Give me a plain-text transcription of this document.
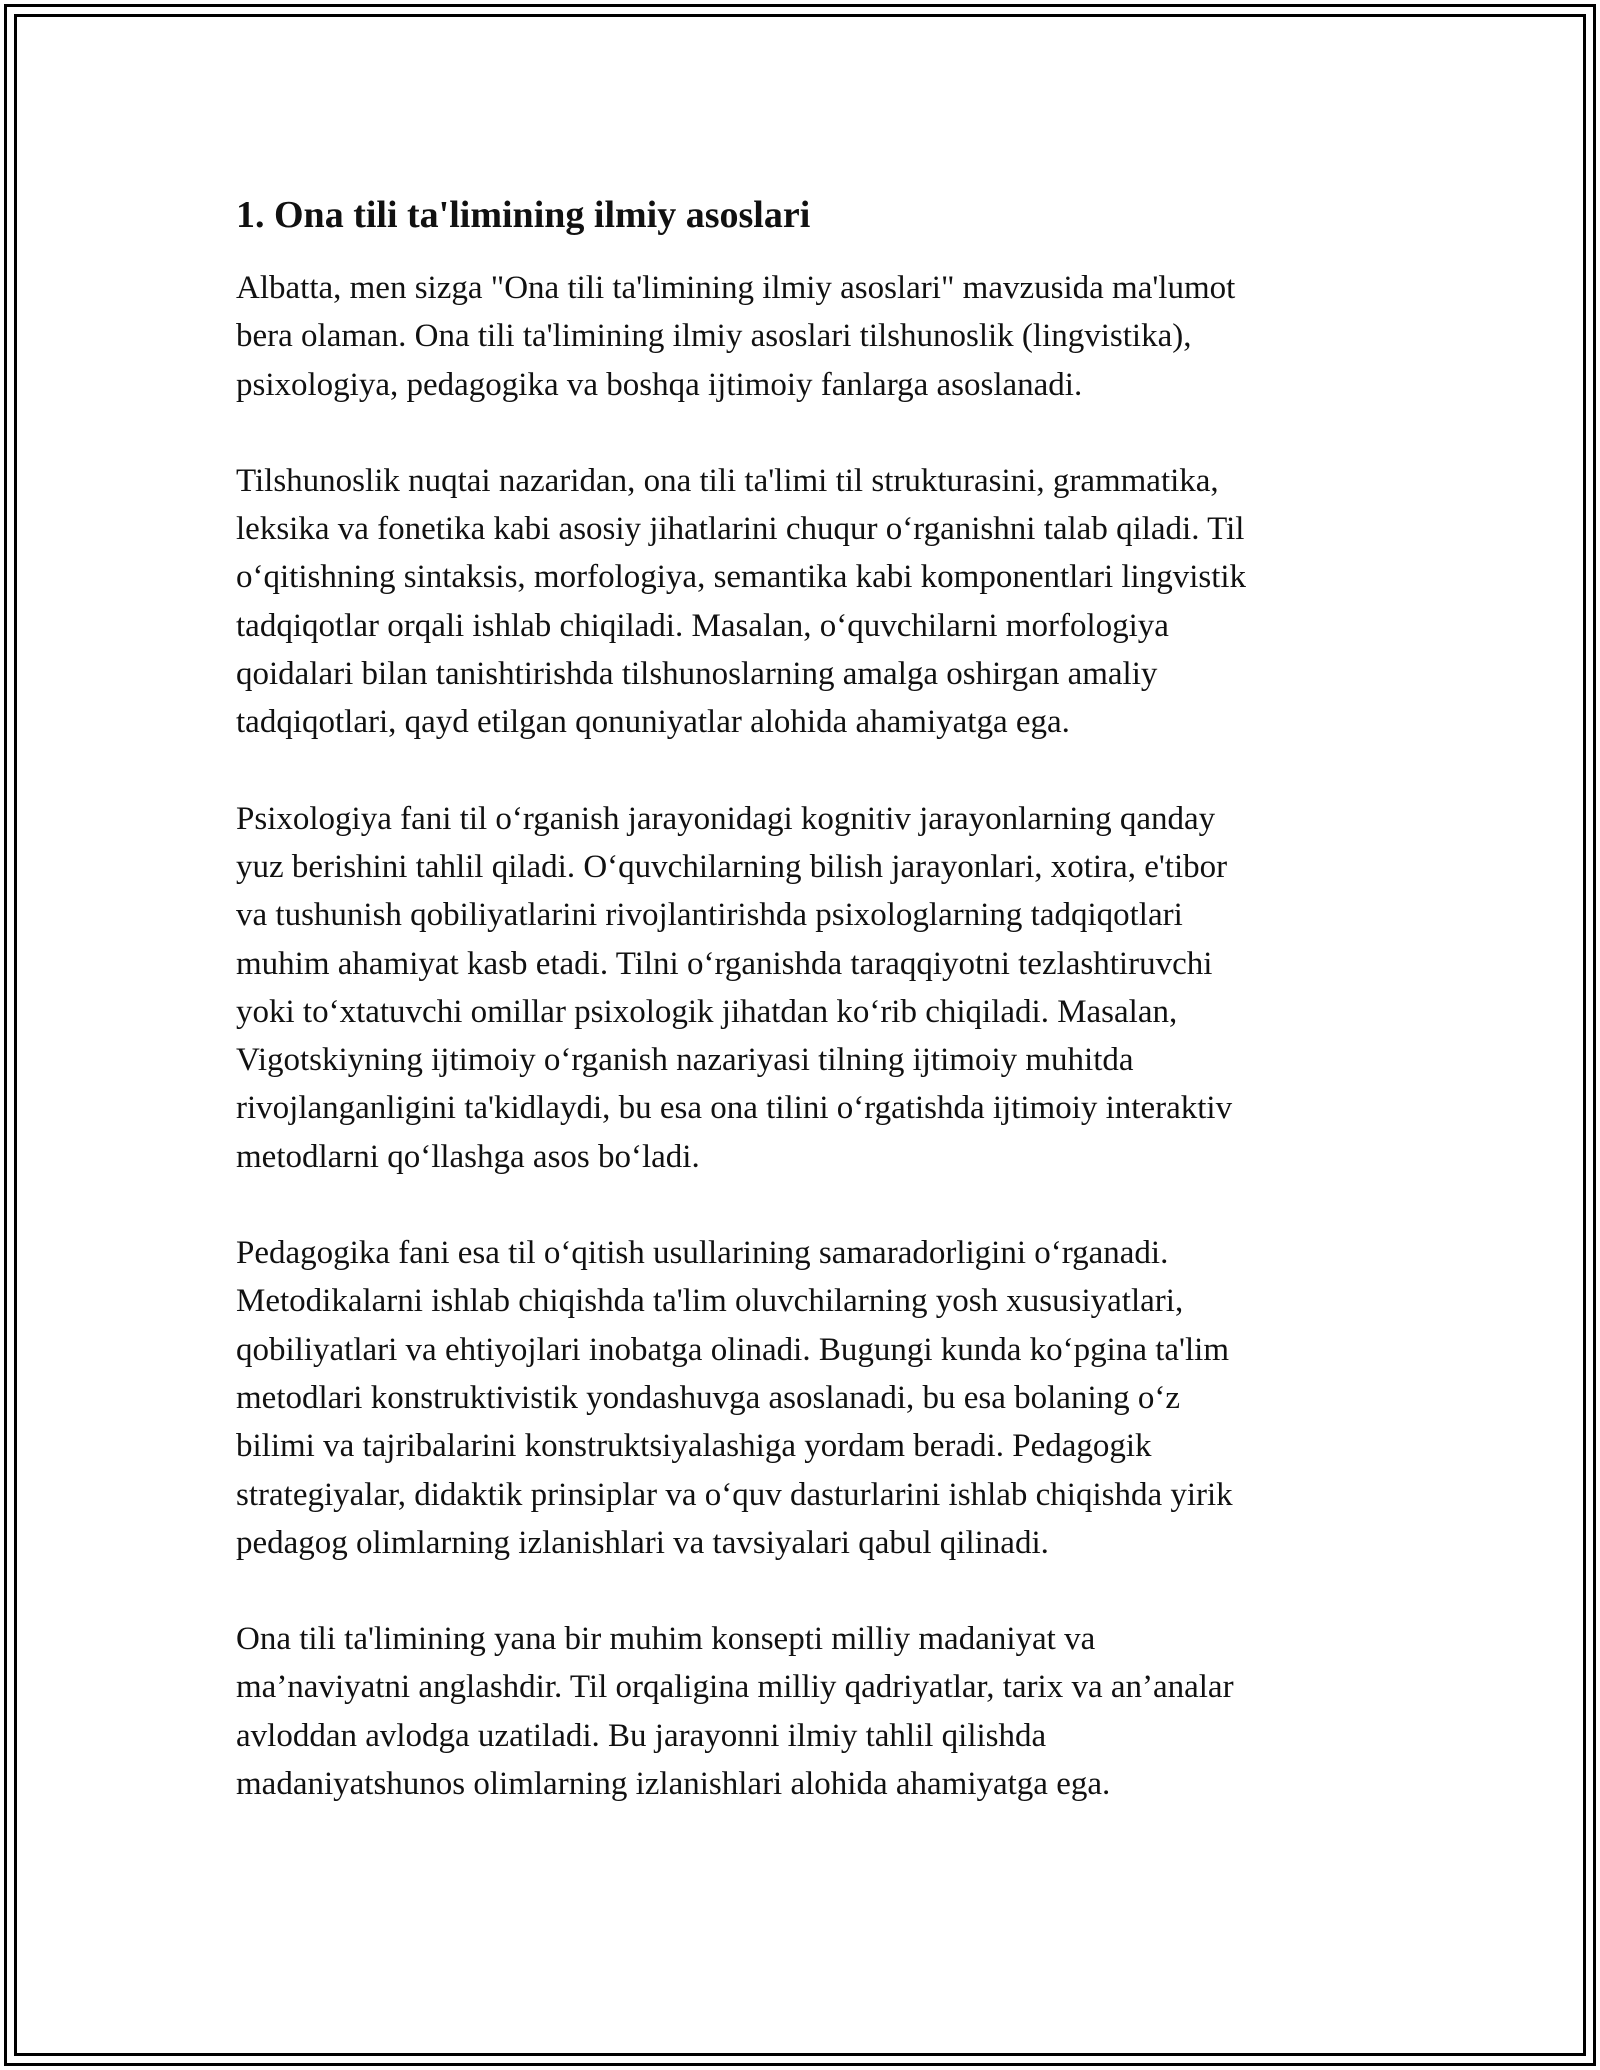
1. Ona tili ta'limining ilmiy asoslari

Albatta, men sizga "Ona tili ta'limining ilmiy asoslari" mavzusida ma'lumot
bera olaman. Ona tili ta'limining ilmiy asoslari tilshunoslik (lingvistika),
psixologiya, pedagogika va boshqa ijtimoiy fanlarga asoslanadi.

Tilshunoslik nuqtai nazaridan, ona tili ta'limi til strukturasini, grammatika,
leksika va fonetika kabi asosiy jihatlarini chuqur o‘rganishni talab qiladi. Til
o‘qitishning sintaksis, morfologiya, semantika kabi komponentlari lingvistik
tadqiqotlar orqali ishlab chiqiladi. Masalan, o‘quvchilarni morfologiya
qoidalari bilan tanishtirishda tilshunoslarning amalga oshirgan amaliy
tadqiqotlari, qayd etilgan qonuniyatlar alohida ahamiyatga ega.

Psixologiya fani til o‘rganish jarayonidagi kognitiv jarayonlarning qanday
yuz berishini tahlil qiladi. O‘quvchilarning bilish jarayonlari, xotira, e'tibor
va tushunish qobiliyatlarini rivojlantirishda psixologlarning tadqiqotlari
muhim ahamiyat kasb etadi. Tilni o‘rganishda taraqqiyotni tezlashtiruvchi
yoki to‘xtatuvchi omillar psixologik jihatdan ko‘rib chiqiladi. Masalan,
Vigotskiyning ijtimoiy o‘rganish nazariyasi tilning ijtimoiy muhitda
rivojlanganligini ta'kidlaydi, bu esa ona tilini o‘rgatishda ijtimoiy interaktiv
metodlarni qo‘llashga asos bo‘ladi.

Pedagogika fani esa til o‘qitish usullarining samaradorligini o‘rganadi.
Metodikalarni ishlab chiqishda ta'lim oluvchilarning yosh xususiyatlari,
qobiliyatlari va ehtiyojlari inobatga olinadi. Bugungi kunda ko‘pgina ta'lim
metodlari konstruktivistik yondashuvga asoslanadi, bu esa bolaning o‘z
bilimi va tajribalarini konstruktsiyalashiga yordam beradi. Pedagogik
strategiyalar, didaktik prinsiplar va o‘quv dasturlarini ishlab chiqishda yirik
pedagog olimlarning izlanishlari va tavsiyalari qabul qilinadi.

Ona tili ta'limining yana bir muhim konsepti milliy madaniyat va
ma’naviyatni anglashdir. Til orqaligina milliy qadriyatlar, tarix va an’analar
avloddan avlodga uzatiladi. Bu jarayonni ilmiy tahlil qilishda
madaniyatshunos olimlarning izlanishlari alohida ahamiyatga ega.
